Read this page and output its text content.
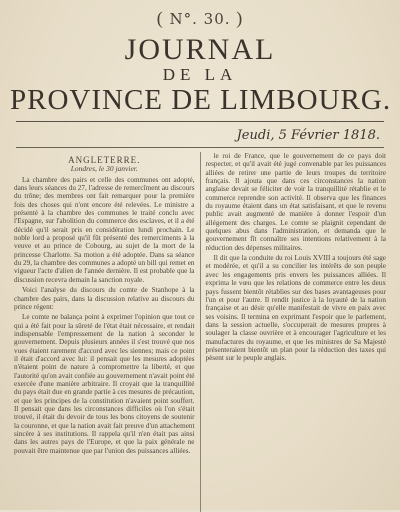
( N°. 30. )
JOURNAL
DE LA
PROVINCE DE LIMBOURG.
Jeudi, 5 Février 1818.
ANGLETERRE.
Londres, le 30 janvier.

La chambre des pairs et celle des communes ont adopté, dans leurs séances du 27, l'adresse de remercîment au discours du trône; des membres ont fait remarquer pour la première fois des choses qui n'ont encore été relevées. Le ministre a présenté à la chambre des communes le traité conclu avec l'Espagne, sur l'abolition du commerce des esclaves, et il a été décidé qu'il serait pris en considération lundi prochain. Le noble lord a proposé qu'il fût présenté des remerciments à la veuve et au prince de Cobourg, au sujet de la mort de la princesse Charlotte. Sa motion a été adoptée. Dans sa séance du 29, la chambre des communes a adopté un bill qui remet en vigueur l'acte d'alien de l'année dernière. Il est probable que la discussion recevra demain la sanction royale.

Voici l'analyse du discours du comte de Stanhope à la chambre des pairs, dans la discussion relative au discours du prince régent:

Le comte ne balança point à exprimer l'opinion que tout ce qui a été fait pour la sûreté de l'état était nécessaire, et rendait indispensable l'empressement de la nation à seconder le gouvernement. Depuis plusieurs années il s'est trouvé que nos vues étaient rarement d'accord avec les siennes; mais ce point il était d'accord avec lui: il pensait que les mesures adoptées n'étaient point de nature à compromettre la liberté, et que l'autorité qu'on avait confiée au gouvernement n'avait point été exercée d'une manière arbitraire. Il croyait que la tranquillité du pays était due en grande partie à ces mesures de précaution, et que les principes de la constitution n'avaient point souffert. Il pensait que dans les circonstances difficiles où l'on s'était trouvé, il était du devoir de tous les bons citoyens de soutenir la couronne, et que la nation avait fait preuve d'un attachement sincère à ses institutions. Il rappela qu'il n'en était pas ainsi dans les autres pays de l'Europe, et que la paix générale ne pouvait être maintenue que par l'union des puissances alliées.

le roi de France, que le gouvernement de ce pays doit respecter, et qu'il avait été jugé convenable par les puissances alliées de retirer une partie de leurs troupes du territoire français. Il ajouta que dans ces circonstances la nation anglaise devait se féliciter de voir la tranquillité rétablie et le commerce reprendre son activité. Il observa que les finances du royaume étaient dans un état satisfaisant, et que le revenu public avait augmenté de manière à donner l'espoir d'un allégement des charges. Le comte se plaignit cependant de quelques abus dans l'administration, et demanda que le gouvernement fît connaître ses intentions relativement à la réduction des dépenses militaires.

Il dit que la conduite du roi Louis XVIII a toujours été sage et modérée, et qu'il a su concilier les intérêts de son peuple avec les engagements pris envers les puissances alliées. Il exprima le vœu que les relations de commerce entre les deux pays fussent bientôt rétablies sur des bases avantageuses pour l'un et pour l'autre. Il rendit justice à la loyauté de la nation française et au désir qu'elle manifestait de vivre en paix avec ses voisins. Il termina en exprimant l'espoir que le parlement, dans la session actuelle, s'occuperait de mesures propres à soulager la classe ouvrière et à encourager l'agriculture et les manufactures du royaume, et que les ministres de Sa Majesté présenteraient bientôt un plan pour la réduction des taxes qui pèsent sur le peuple anglais.
